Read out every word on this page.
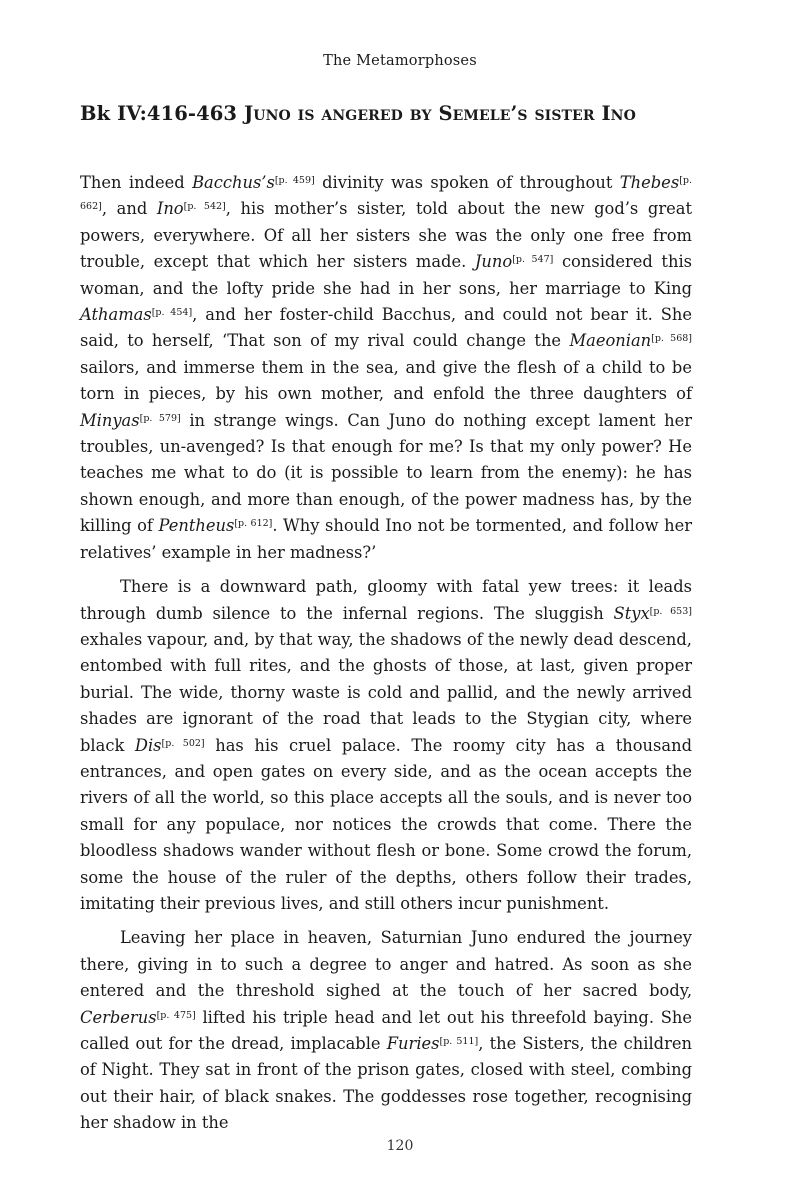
The Metamorphoses
Bk IV:416-463 Juno is angered by Semele’s sister Ino

Then indeed Bacchus’s[p. 459] divinity was spoken of throughout Thebes[p. 662], and Ino[p. 542], his mother’s sister, told about the new god’s great powers, everywhere. Of all her sisters she was the only one free from trouble, except that which her sisters made. Juno[p. 547] considered this woman, and the lofty pride she had in her sons, her marriage to King Athamas[p. 454], and her foster-child Bacchus, and could not bear it. She said, to herself, ‘That son of my rival could change the Maeonian[p. 568] sailors, and immerse them in the sea, and give the flesh of a child to be torn in pieces, by his own mother, and enfold the three daughters of Minyas[p. 579] in strange wings. Can Juno do nothing except lament her troubles, un-avenged? Is that enough for me? Is that my only power? He teaches me what to do (it is possible to learn from the enemy): he has shown enough, and more than enough, of the power madness has, by the killing of Pentheus[p. 612]. Why should Ino not be tormented, and follow her relatives’ example in her madness?’

There is a downward path, gloomy with fatal yew trees: it leads through dumb silence to the infernal regions. The sluggish Styx[p. 653] exhales vapour, and, by that way, the shadows of the newly dead descend, entombed with full rites, and the ghosts of those, at last, given proper burial. The wide, thorny waste is cold and pallid, and the newly arrived shades are ignorant of the road that leads to the Stygian city, where black Dis[p. 502] has his cruel palace. The roomy city has a thousand entrances, and open gates on every side, and as the ocean accepts the rivers of all the world, so this place accepts all the souls, and is never too small for any populace, nor notices the crowds that come. There the bloodless shadows wander without flesh or bone. Some crowd the forum, some the house of the ruler of the depths, others follow their trades, imitating their previous lives, and still others incur punishment.

Leaving her place in heaven, Saturnian Juno endured the journey there, giving in to such a degree to anger and hatred. As soon as she entered and the threshold sighed at the touch of her sacred body, Cerberus[p. 475] lifted his triple head and let out his threefold baying. She called out for the dread, implacable Furies[p. 511], the Sisters, the children of Night. They sat in front of the prison gates, closed with steel, combing out their hair, of black snakes. The goddesses rose together, recognising her shadow in the

120
